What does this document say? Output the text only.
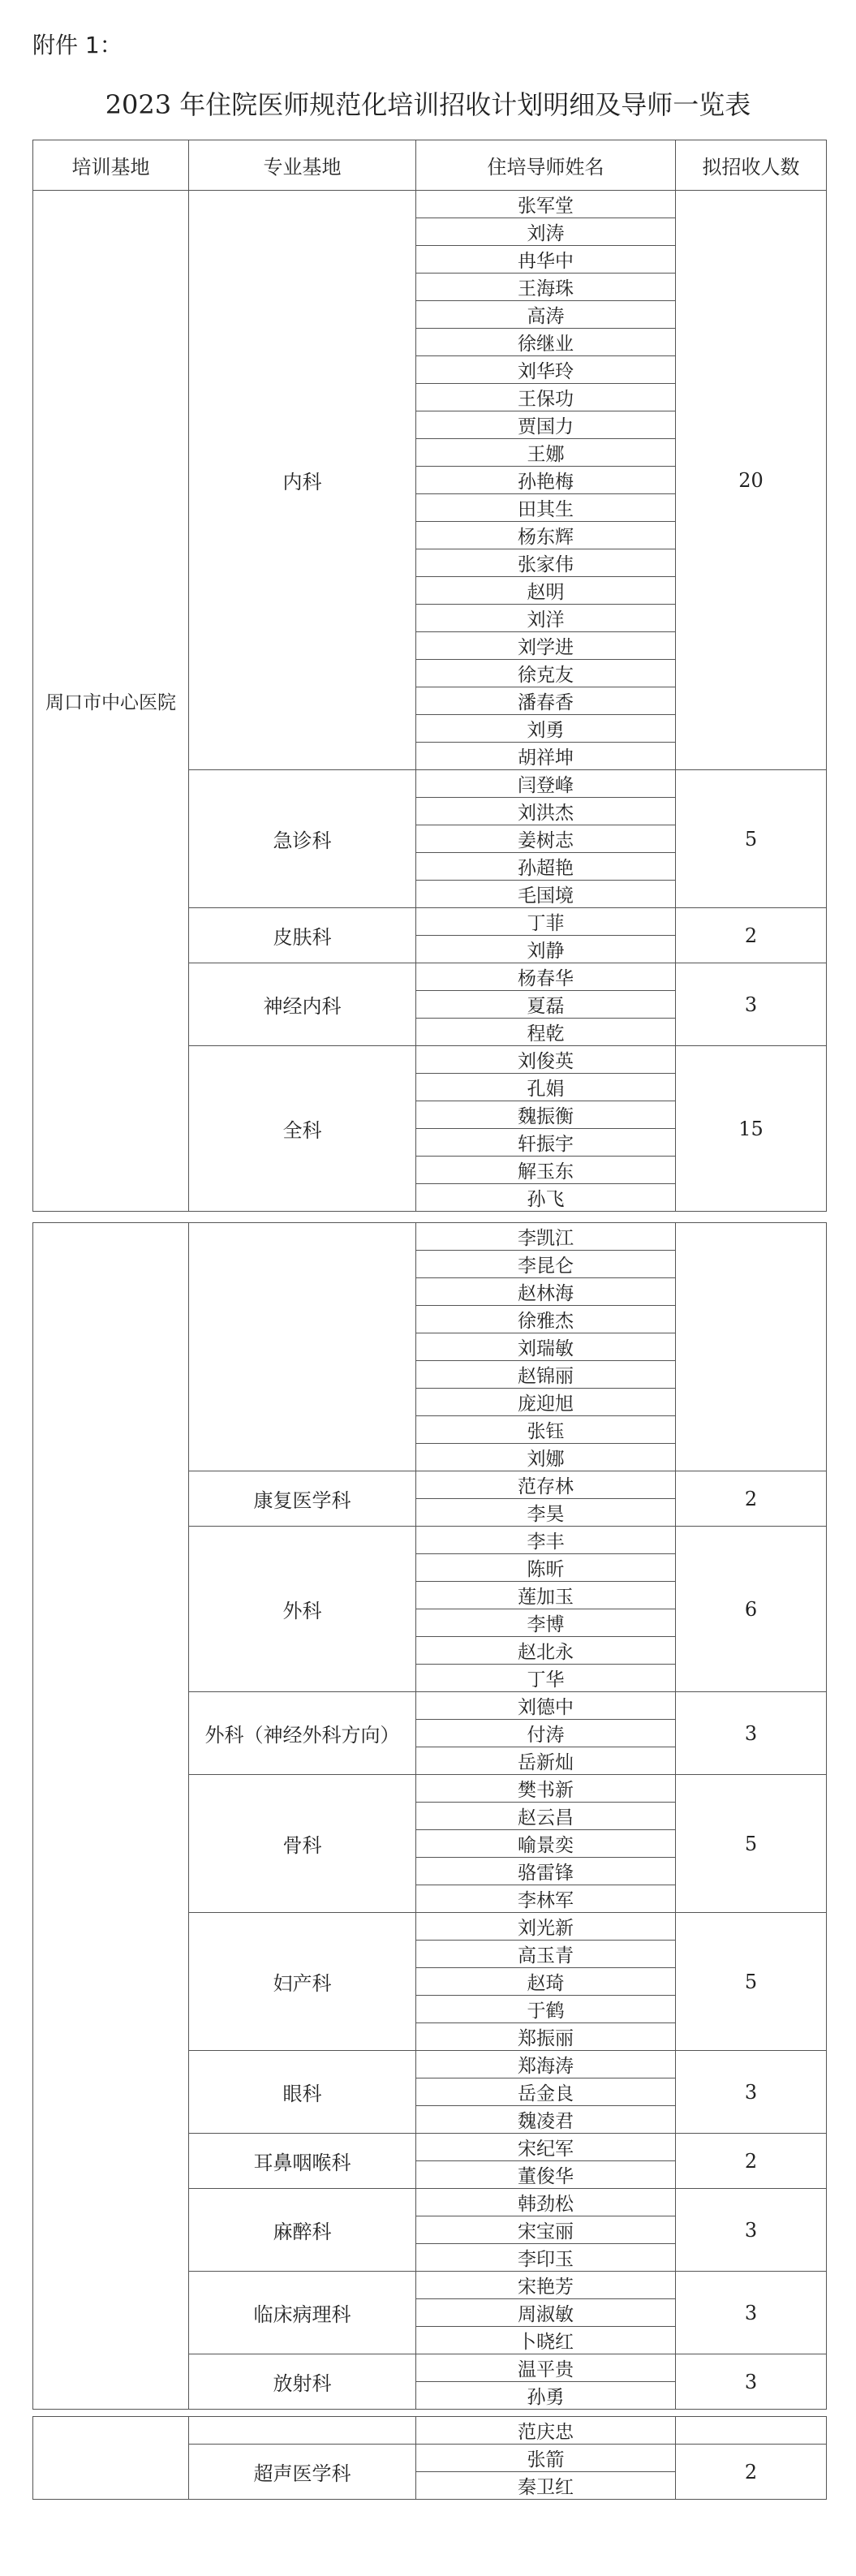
附件 1：
2023 年住院医师规范化培训招收计划明细及导师一览表
培训基地	专业基地	住培导师姓名	拟招收人数
周口市中心医院	内科	张军堂	20
		刘涛	
		冉华中	
		王海珠	
		高涛	
		徐继业	
		刘华玲	
		王保功	
		贾国力	
		王娜	
		孙艳梅	
		田其生	
		杨东辉	
		张家伟	
		赵明	
		刘洋	
		刘学进	
		徐克友	
		潘春香	
		刘勇	
		胡祥坤	
	急诊科	闫登峰	5
		刘洪杰	
		姜树志	
		孙超艳	
		毛国境	
	皮肤科	丁菲	2
		刘静	
	神经内科	杨春华	3
		夏磊	
		程乾	
	全科	刘俊英	15
		孔娟	
		魏振衡	
		轩振宇	
		解玉东	
		孙飞	
		李凯江	
		李昆仑	
		赵林海	
		徐雅杰	
		刘瑞敏	
		赵锦丽	
		庞迎旭	
		张钰	
		刘娜	
	康复医学科	范存林	2
		李昊	
	外科	李丰	6
		陈昕	
		莲加玉	
		李博	
		赵北永	
		丁华	
	外科（神经外科方向）	刘德中	3
		付涛	
		岳新灿	
	骨科	樊书新	5
		赵云昌	
		喻景奕	
		骆雷锋	
		李林军	
	妇产科	刘光新	5
		高玉青	
		赵琦	
		于鹤	
		郑振丽	
	眼科	郑海涛	3
		岳金良	
		魏凌君	
	耳鼻咽喉科	宋纪军	2
		董俊华	
	麻醉科	韩劲松	3
		宋宝丽	
		李印玉	
	临床病理科	宋艳芳	3
		周淑敏	
		卜晓红	
	放射科	温平贵	3
		孙勇	
		范庆忠	
	超声医学科	张箭	2
		秦卫红	
